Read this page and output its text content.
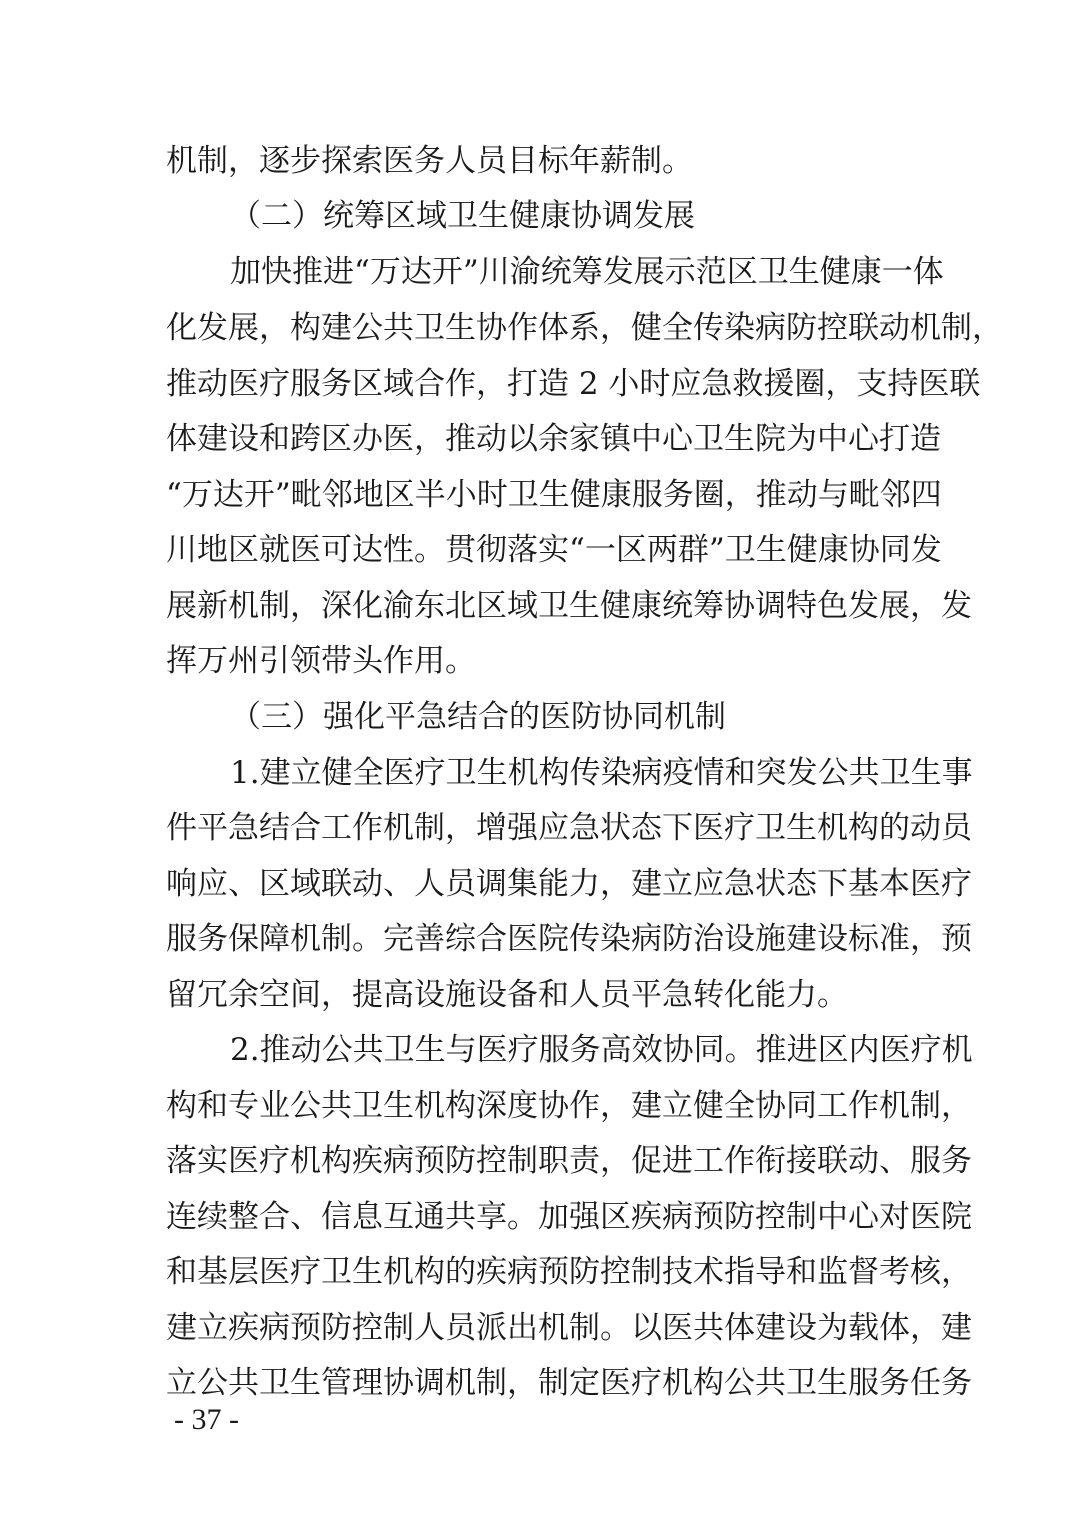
机制，逐步探索医务人员目标年薪制。
（二）统筹区域卫生健康协调发展
加快推进“万达开”川渝统筹发展示范区卫生健康一体
化发展，构建公共卫生协作体系，健全传染病防控联动机制，
推动医疗服务区域合作，打造 2 小时应急救援圈，支持医联
体建设和跨区办医，推动以余家镇中心卫生院为中心打造
“万达开”毗邻地区半小时卫生健康服务圈，推动与毗邻四
川地区就医可达性。贯彻落实“一区两群”卫生健康协同发
展新机制，深化渝东北区域卫生健康统筹协调特色发展，发
挥万州引领带头作用。
（三）强化平急结合的医防协同机制
1.建立健全医疗卫生机构传染病疫情和突发公共卫生事
件平急结合工作机制，增强应急状态下医疗卫生机构的动员
响应、区域联动、人员调集能力，建立应急状态下基本医疗
服务保障机制。完善综合医院传染病防治设施建设标准，预
留冗余空间，提高设施设备和人员平急转化能力。
2.推动公共卫生与医疗服务高效协同。推进区内医疗机
构和专业公共卫生机构深度协作，建立健全协同工作机制，
落实医疗机构疾病预防控制职责，促进工作衔接联动、服务
连续整合、信息互通共享。加强区疾病预防控制中心对医院
和基层医疗卫生机构的疾病预防控制技术指导和监督考核，
建立疾病预防控制人员派出机制。以医共体建设为载体，建
立公共卫生管理协调机制，制定医疗机构公共卫生服务任务
- 37 -
